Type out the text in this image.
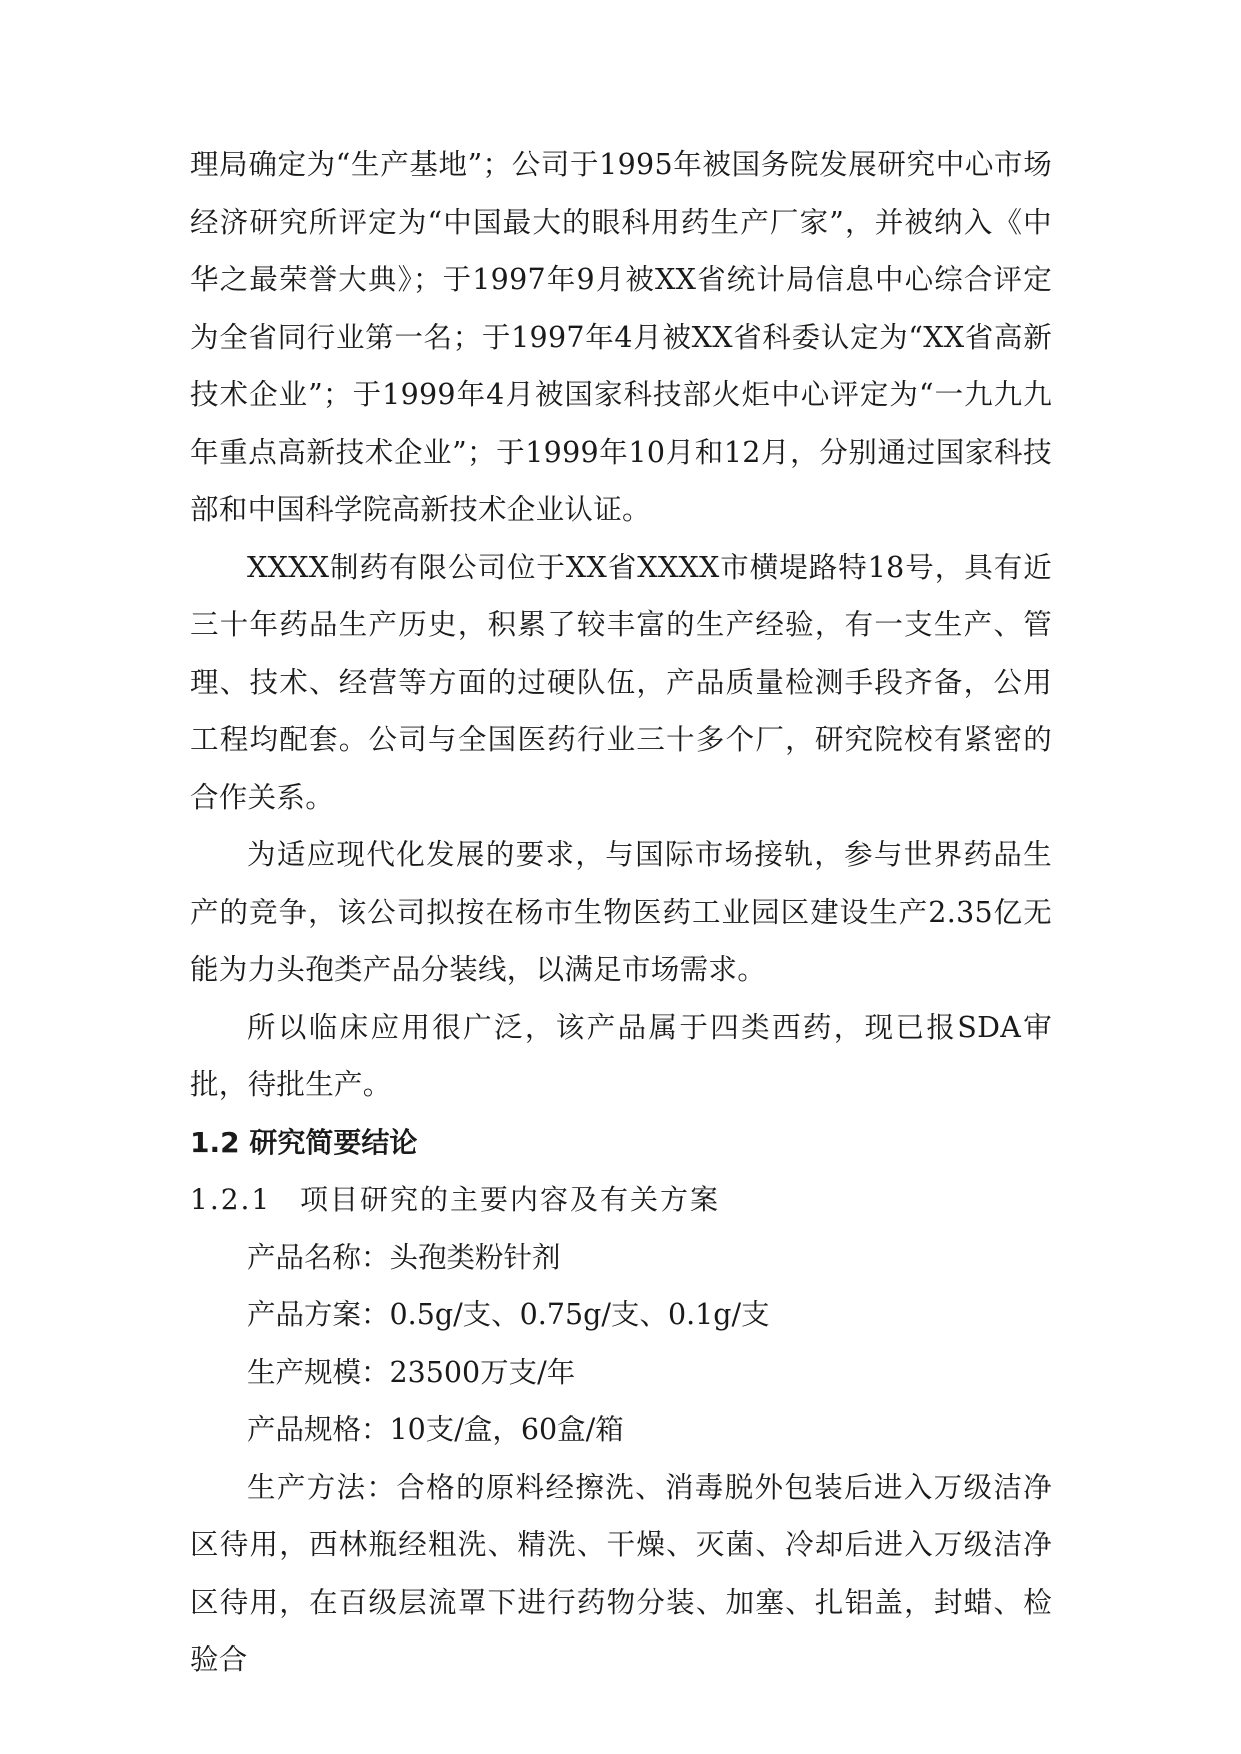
理局确定为“生产基地”；公司于1995年被国务院发展研究中心市场经济研究所评定为“中国最大的眼科用药生产厂家”，并被纳入《中华之最荣誉大典》；于1997年9月被XX省统计局信息中心综合评定为全省同行业第一名；于1997年4月被XX省科委认定为“XX省高新技术企业”；于1999年4月被国家科技部火炬中心评定为“一九九九年重点高新技术企业”；于1999年10月和12月，分别通过国家科技部和中国科学院高新技术企业认证。

XXXX制药有限公司位于XX省XXXX市横堤路特18号，具有近三十年药品生产历史，积累了较丰富的生产经验，有一支生产、管理、技术、经营等方面的过硬队伍，产品质量检测手段齐备，公用工程均配套。公司与全国医药行业三十多个厂，研究院校有紧密的合作关系。

为适应现代化发展的要求，与国际市场接轨，参与世界药品生产的竞争，该公司拟按在杨市生物医药工业园区建设生产2.35亿无能为力头孢类产品分装线，以满足市场需求。

所以临床应用很广泛，该产品属于四类西药，现已报SDA审批，待批生产。

1.2 研究简要结论

1.2.1 项目研究的主要内容及有关方案

产品名称：头孢类粉针剂

产品方案：0.5g/支、0.75g/支、0.1g/支

生产规模：23500万支/年

产品规格：10支/盒，60盒/箱

生产方法：合格的原料经擦洗、消毒脱外包装后进入万级洁净区待用，西林瓶经粗洗、精洗、干燥、灭菌、冷却后进入万级洁净区待用，在百级层流罩下进行药物分装、加塞、扎铝盖，封蜡、检验合
